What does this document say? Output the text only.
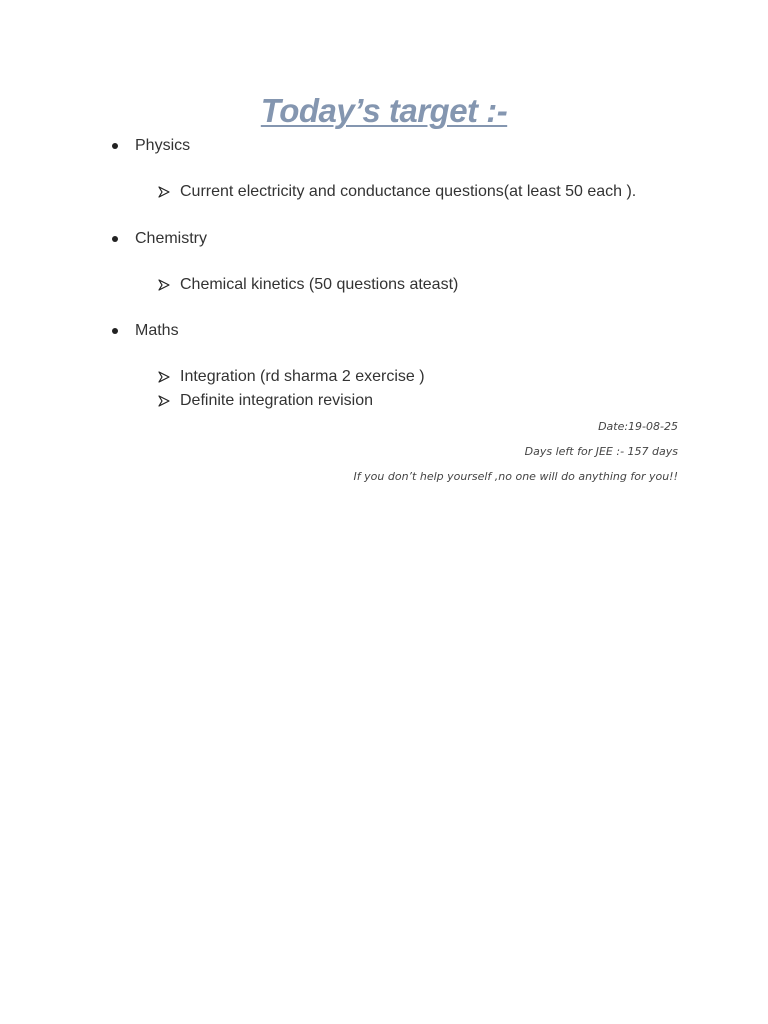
Today’s target :-
Physics
Current electricity and conductance questions(at least 50 each ).
Chemistry
Chemical kinetics (50 questions ateast)
Maths
Integration (rd sharma 2 exercise )
Definite integration revision
Date:19-08-25
Days left for JEE :- 157 days
If you don’t help yourself ,no one will do anything for you!!
